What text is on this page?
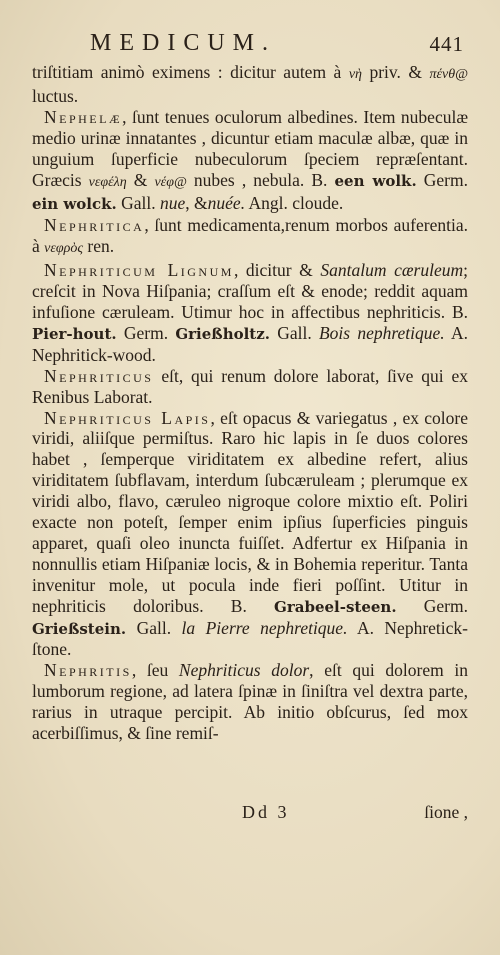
MEDICUM.	441

triſtitiam animò eximens : dicitur autem à νὴ priv. & πένθ@ luctus.

Nephelæ, ſunt tenues oculorum albedines. Item nubeculæ medio urinæ innatantes , dicuntur etiam maculæ albæ, quæ in unguium ſuperficie nubeculorum ſpeciem repræſentant. Græcis νεφέλη & νέφ@ nubes , nebula. B. een wolk. Germ. ein wolck. Gall. nue, &nuée. Angl. cloude.

Nephritica, ſunt medicamenta,renum morbos auferentia. à νεφρὸς ren.

Nephriticum Lignum, dicitur & Santalum cæruleum; creſcit in Nova Hiſpania; craſſum eſt & enode; reddit aquam infuſione cæruleam. Utimur hoc in affectibus nephriticis. B. Pier-hout. Germ. Grießholtz. Gall. Bois nephretique. A. Nephritick-wood.

Nephriticus eſt, qui renum dolore laborat, ſive qui ex Renibus Laborat.

Nephriticus Lapis, eſt opacus & variegatus , ex colore viridi, aliiſque permiſtus. Raro hic lapis in ſe duos colores habet , ſemperque viriditatem ex albedine refert, alius viriditatem ſubflavam, interdum ſubcæruleam ; plerumque ex viridi albo, flavo, cæruleo nigroque colore mixtio eſt. Poliri exacte non poteſt, ſemper enim ipſius ſuperficies pinguis apparet, quaſi oleo inuncta fuiſſet. Adfertur ex Hiſpania in nonnullis etiam Hiſpaniæ locis, & in Bohemia reperitur. Tanta invenitur mole, ut pocula inde fieri poſſint. Utitur in nephriticis doloribus. B. Grabeel-steen. Germ. Grießstein. Gall. la Pierre nephretique. A. Nephretick-ſtone.

Nephritis, ſeu Nephriticus dolor, eſt qui dolorem in lumborum regione, ad latera ſpinæ in ſiniſtra vel dextra parte, rarius in utraque percipit. Ab initio obſcurus, ſed mox acerbiſſimus, & ſine remiſ-

Dd 3	ſione ,
